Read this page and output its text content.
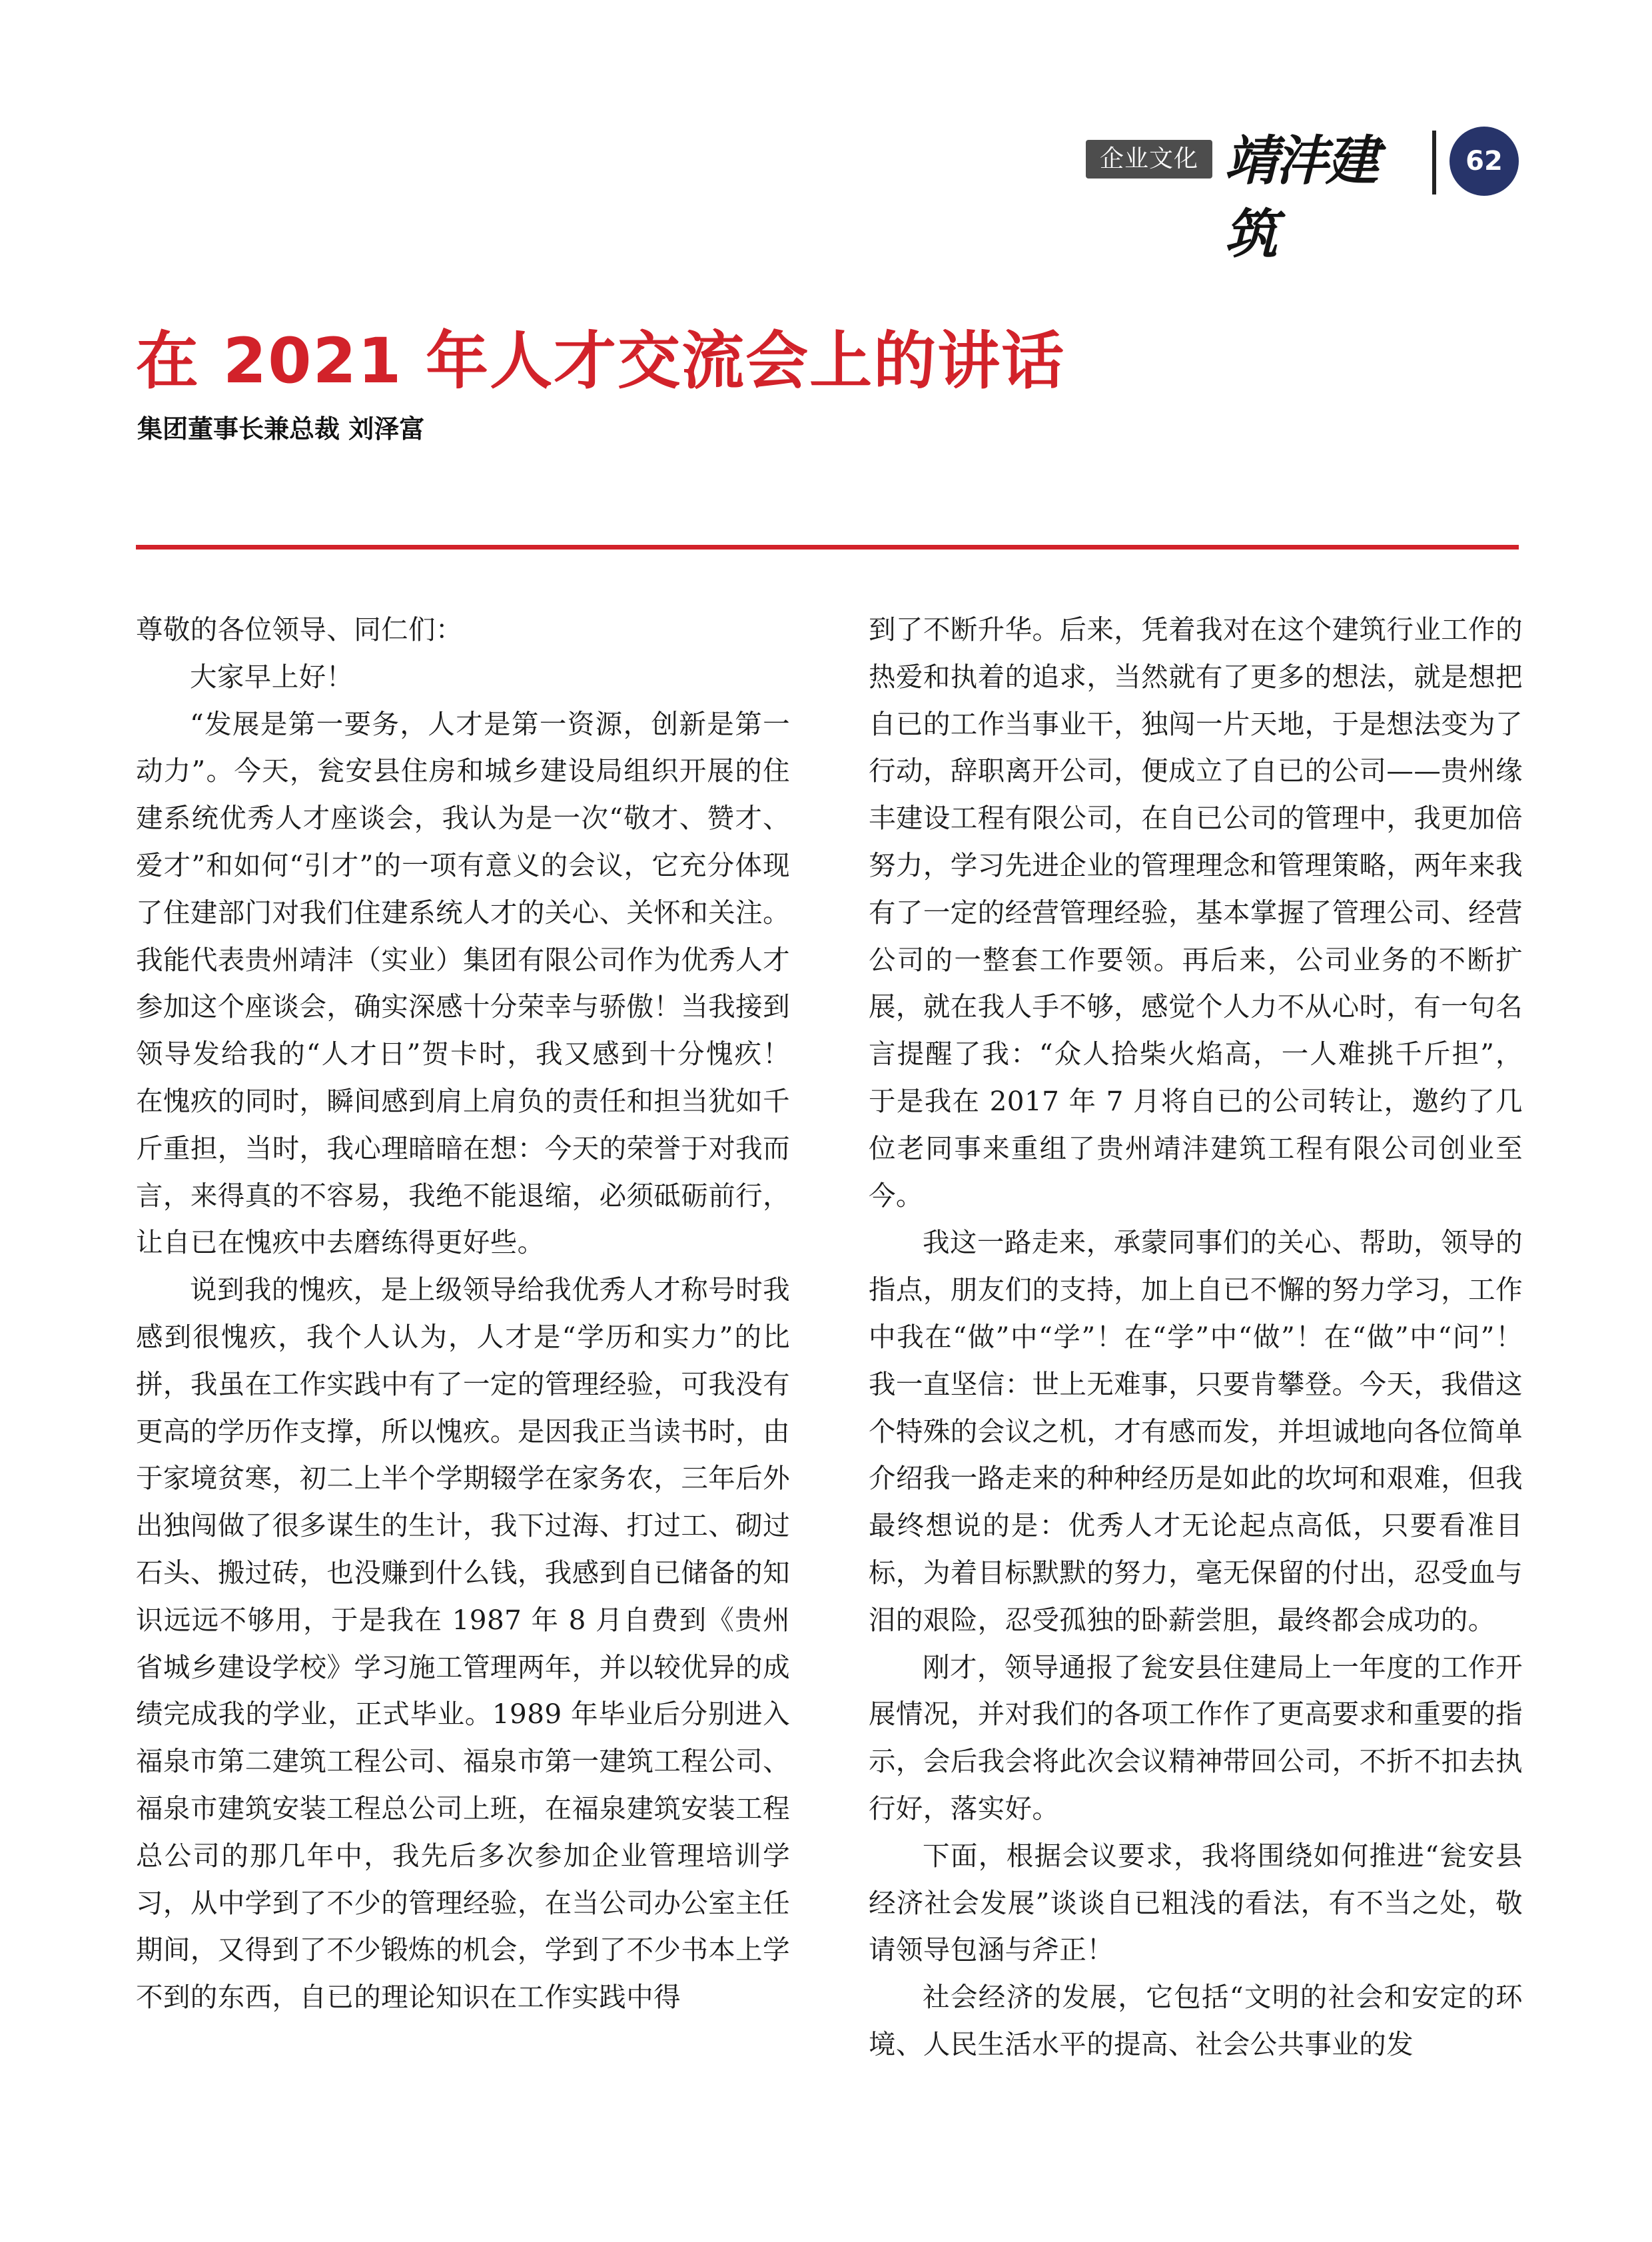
企业文化 靖沣建筑
62
在 2021 年人才交流会上的讲话
集团董事长兼总裁 刘泽富

尊敬的各位领导、同仁们：

大家早上好！

“发展是第一要务，人才是第一资源，创新是第一动力”。今天，瓮安县住房和城乡建设局组织开展的住建系统优秀人才座谈会，我认为是一次“敬才、赞才、爱才”和如何“引才”的一项有意义的会议，它充分体现了住建部门对我们住建系统人才的关心、关怀和关注。我能代表贵州靖沣（实业）集团有限公司作为优秀人才参加这个座谈会，确实深感十分荣幸与骄傲！当我接到领导发给我的“人才日”贺卡时，我又感到十分愧疚！在愧疚的同时，瞬间感到肩上肩负的责任和担当犹如千斤重担，当时，我心理暗暗在想：今天的荣誉于对我而言，来得真的不容易，我绝不能退缩，必须砥砺前行，让自已在愧疚中去磨练得更好些。

说到我的愧疚，是上级领导给我优秀人才称号时我感到很愧疚，我个人认为，人才是“学历和实力”的比拼，我虽在工作实践中有了一定的管理经验，可我没有更高的学历作支撑，所以愧疚。是因我正当读书时，由于家境贫寒，初二上半个学期辍学在家务农，三年后外出独闯做了很多谋生的生计，我下过海、打过工、砌过石头、搬过砖，也没赚到什么钱，我感到自已储备的知识远远不够用，于是我在 1987 年 8 月自费到《贵州省城乡建设学校》学习施工管理两年，并以较优异的成绩完成我的学业，正式毕业。1989 年毕业后分别进入福泉市第二建筑工程公司、福泉市第一建筑工程公司、福泉市建筑安装工程总公司上班，在福泉建筑安装工程总公司的那几年中，我先后多次参加企业管理培训学习，从中学到了不少的管理经验，在当公司办公室主任期间，又得到了不少锻炼的机会，学到了不少书本上学不到的东西，自已的理论知识在工作实践中得

到了不断升华。后来，凭着我对在这个建筑行业工作的热爱和执着的追求，当然就有了更多的想法，就是想把自已的工作当事业干，独闯一片天地，于是想法变为了行动，辞职离开公司，便成立了自已的公司——贵州缘丰建设工程有限公司，在自已公司的管理中，我更加倍努力，学习先进企业的管理理念和管理策略，两年来我有了一定的经营管理经验，基本掌握了管理公司、经营公司的一整套工作要领。再后来，公司业务的不断扩展，就在我人手不够，感觉个人力不从心时，有一句名言提醒了我：“众人拾柴火焰高，一人难挑千斤担”，于是我在 2017 年 7 月将自已的公司转让，邀约了几位老同事来重组了贵州靖沣建筑工程有限公司创业至今。

我这一路走来，承蒙同事们的关心、帮助，领导的指点，朋友们的支持，加上自已不懈的努力学习，工作中我在“做”中“学”！在“学”中“做”！在“做”中“问”！我一直坚信：世上无难事，只要肯攀登。今天，我借这个特殊的会议之机，才有感而发，并坦诚地向各位简单介绍我一路走来的种种经历是如此的坎坷和艰难，但我最终想说的是：优秀人才无论起点高低，只要看准目标，为着目标默默的努力，毫无保留的付出，忍受血与泪的艰险，忍受孤独的卧薪尝胆，最终都会成功的。

刚才，领导通报了瓮安县住建局上一年度的工作开展情况，并对我们的各项工作作了更高要求和重要的指示，会后我会将此次会议精神带回公司，不折不扣去执行好，落实好。

下面，根据会议要求，我将围绕如何推进“瓮安县经济社会发展”谈谈自已粗浅的看法，有不当之处，敬请领导包涵与斧正！

社会经济的发展，它包括“文明的社会和安定的环境、人民生活水平的提高、社会公共事业的发
